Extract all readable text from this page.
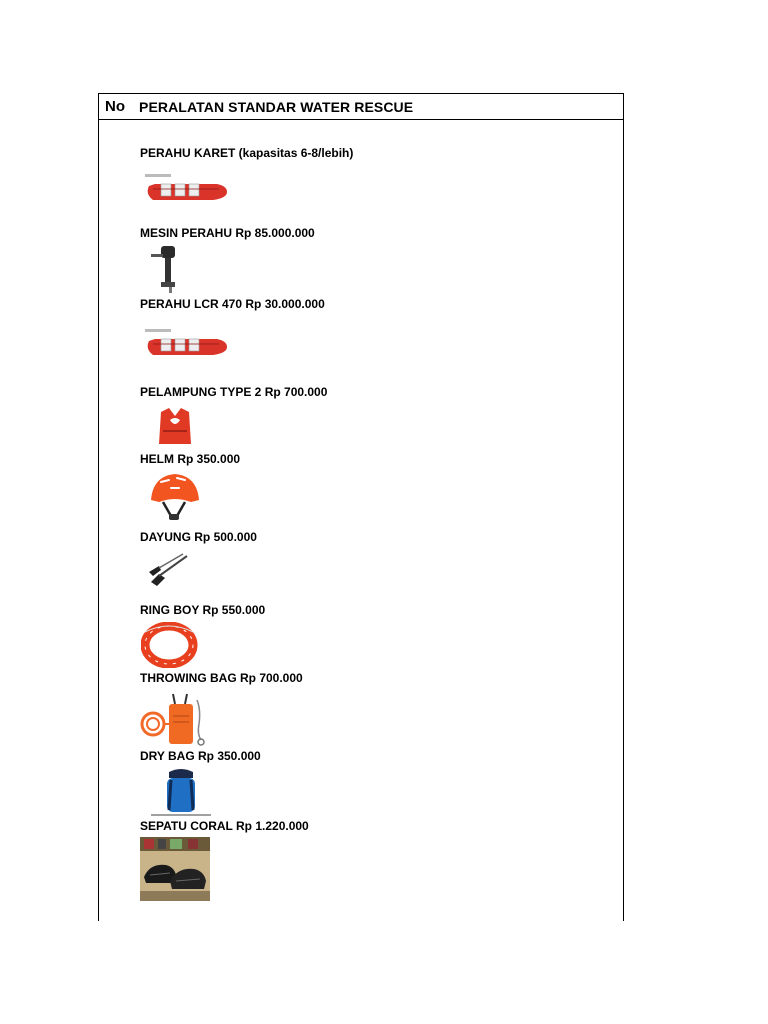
No PERALATAN STANDAR WATER RESCUE
PERAHU KARET (kapasitas 6-8/lebih)
MESIN PERAHU Rp 85.000.000
PERAHU LCR 470 Rp 30.000.000
PELAMPUNG TYPE 2 Rp 700.000
HELM Rp 350.000
DAYUNG Rp 500.000
RING BOY Rp 550.000
THROWING BAG Rp 700.000
DRY BAG Rp 350.000
SEPATU CORAL Rp 1.220.000
